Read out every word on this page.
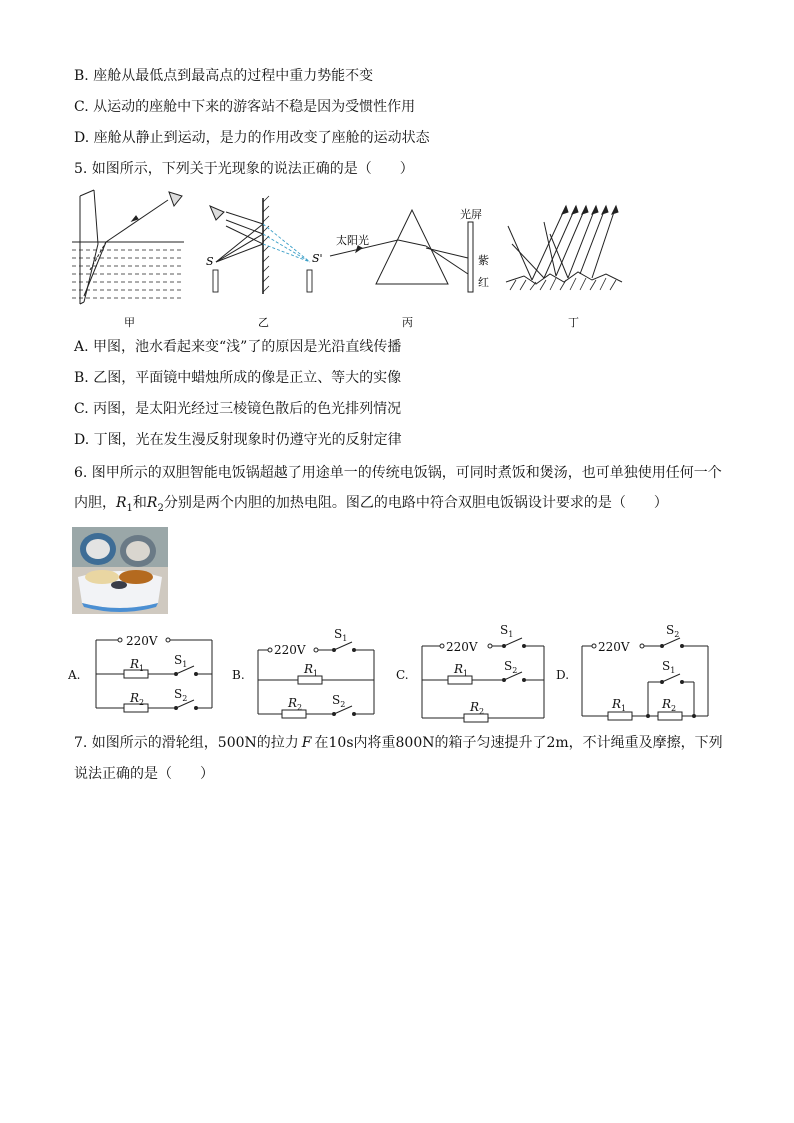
B. 座舱从最低点到最高点的过程中重力势能不变
C. 从运动的座舱中下来的游客站不稳是因为受惯性作用
D. 座舱从静止到运动，是力的作用改变了座舱的运动状态
5. 如图所示，下列关于光现象的说法正确的是（　　）
甲
S	S'
乙
太阳光
光屏
紫
红
丙	丁
A. 甲图，池水看起来变“浅”了的原因是光沿直线传播
B. 乙图，平面镜中蜡烛所成的像是正立、等大的实像
C. 丙图，是太阳光经过三棱镜色散后的色光排列情况
D. 丁图，光在发生漫反射现象时仍遵守光的反射定律
6. 图甲所示的双胆智能电饭锅超越了用途单一的传统电饭锅，可同时煮饭和煲汤，也可单独使用任何一个
内胆，$R_1$和$R_2$分别是两个内胆的加热电阻。图乙的电路中符合双胆电饭锅设计要求的是（　　）
A.
220V
$R_1$
$S_1$
$R_2$
$S_2$
B.
220V
$S_1$
$R_1$
$R_2$
$S_2$
C.
220V
$S_1$
$R_1$
$S_2$
$R_2$
D.
220V
$S_2$
$S_1$
$R_1$	$R_2$
7. 如图所示的滑轮组，500N的拉力 F 在10s内将重800N的箱子匀速提升了2m，不计绳重及摩擦，下列
说法正确的是（　　）
